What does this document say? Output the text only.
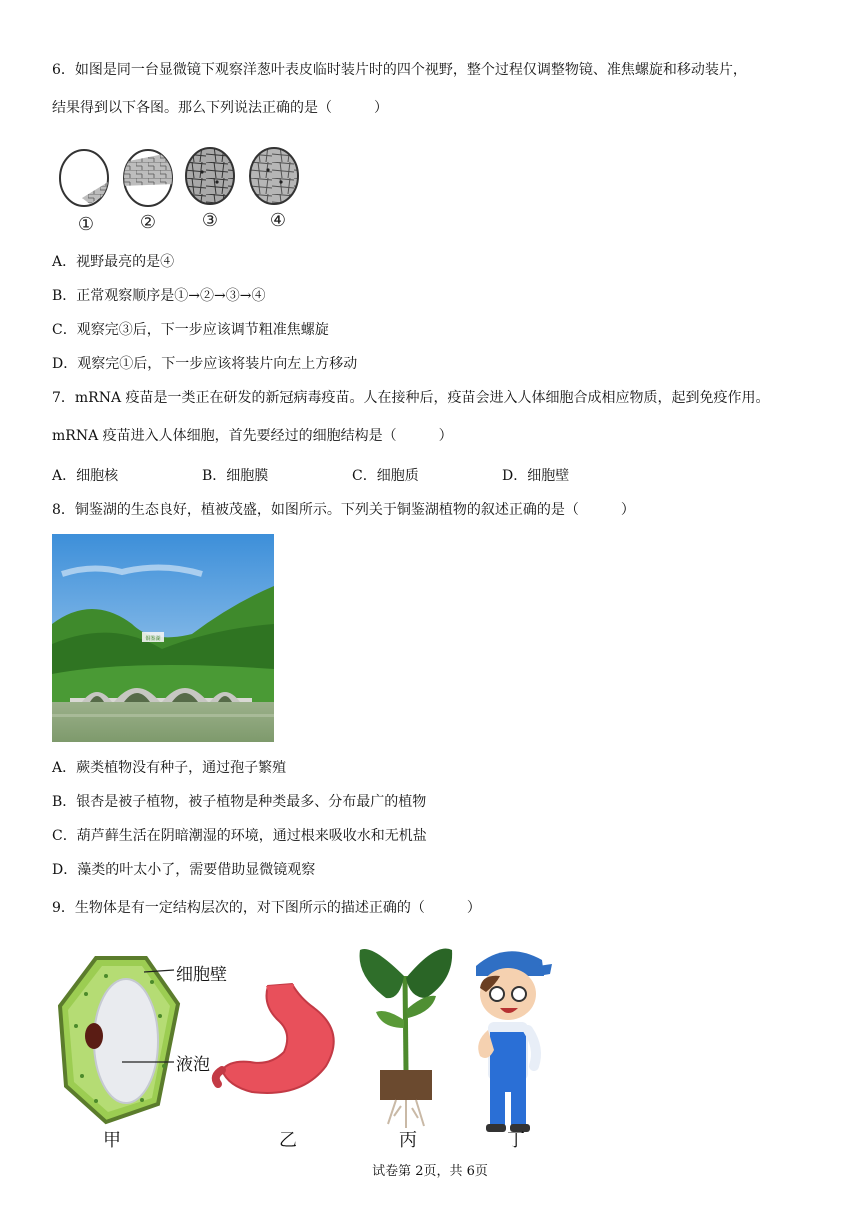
6．如图是同一台显微镜下观察洋葱叶表皮临时装片时的四个视野，整个过程仅调整物镜、准焦螺旋和移动装片，
结果得到以下各图。那么下列说法正确的是（　　　）
①	②	③	④
A．视野最亮的是④
B．正常观察顺序是①→②→③→④
C．观察完③后，下一步应该调节粗准焦螺旋
D．观察完①后，下一步应该将装片向左上方移动
7．mRNA 疫苗是一类正在研发的新冠病毒疫苗。人在接种后，疫苗会进入人体细胞合成相应物质，起到免疫作用。
mRNA 疫苗进入人体细胞，首先要经过的细胞结构是（　　　）
A．细胞核	B．细胞膜	C．细胞质	D．细胞壁
8．铜鉴湖的生态良好，植被茂盛，如图所示。下列关于铜鉴湖植物的叙述正确的是（　　　）
铜鉴湖
A．蕨类植物没有种子，通过孢子繁殖
B．银杏是被子植物，被子植物是种类最多、分布最广的植物
C．葫芦藓生活在阴暗潮湿的环境，通过根来吸收水和无机盐
D．藻类的叶太小了，需要借助显微镜观察
9．生物体是有一定结构层次的，对下图所示的描述正确的（　　　）
细胞壁
液泡
甲	乙	丙	丁
试卷第 2页，共 6页
